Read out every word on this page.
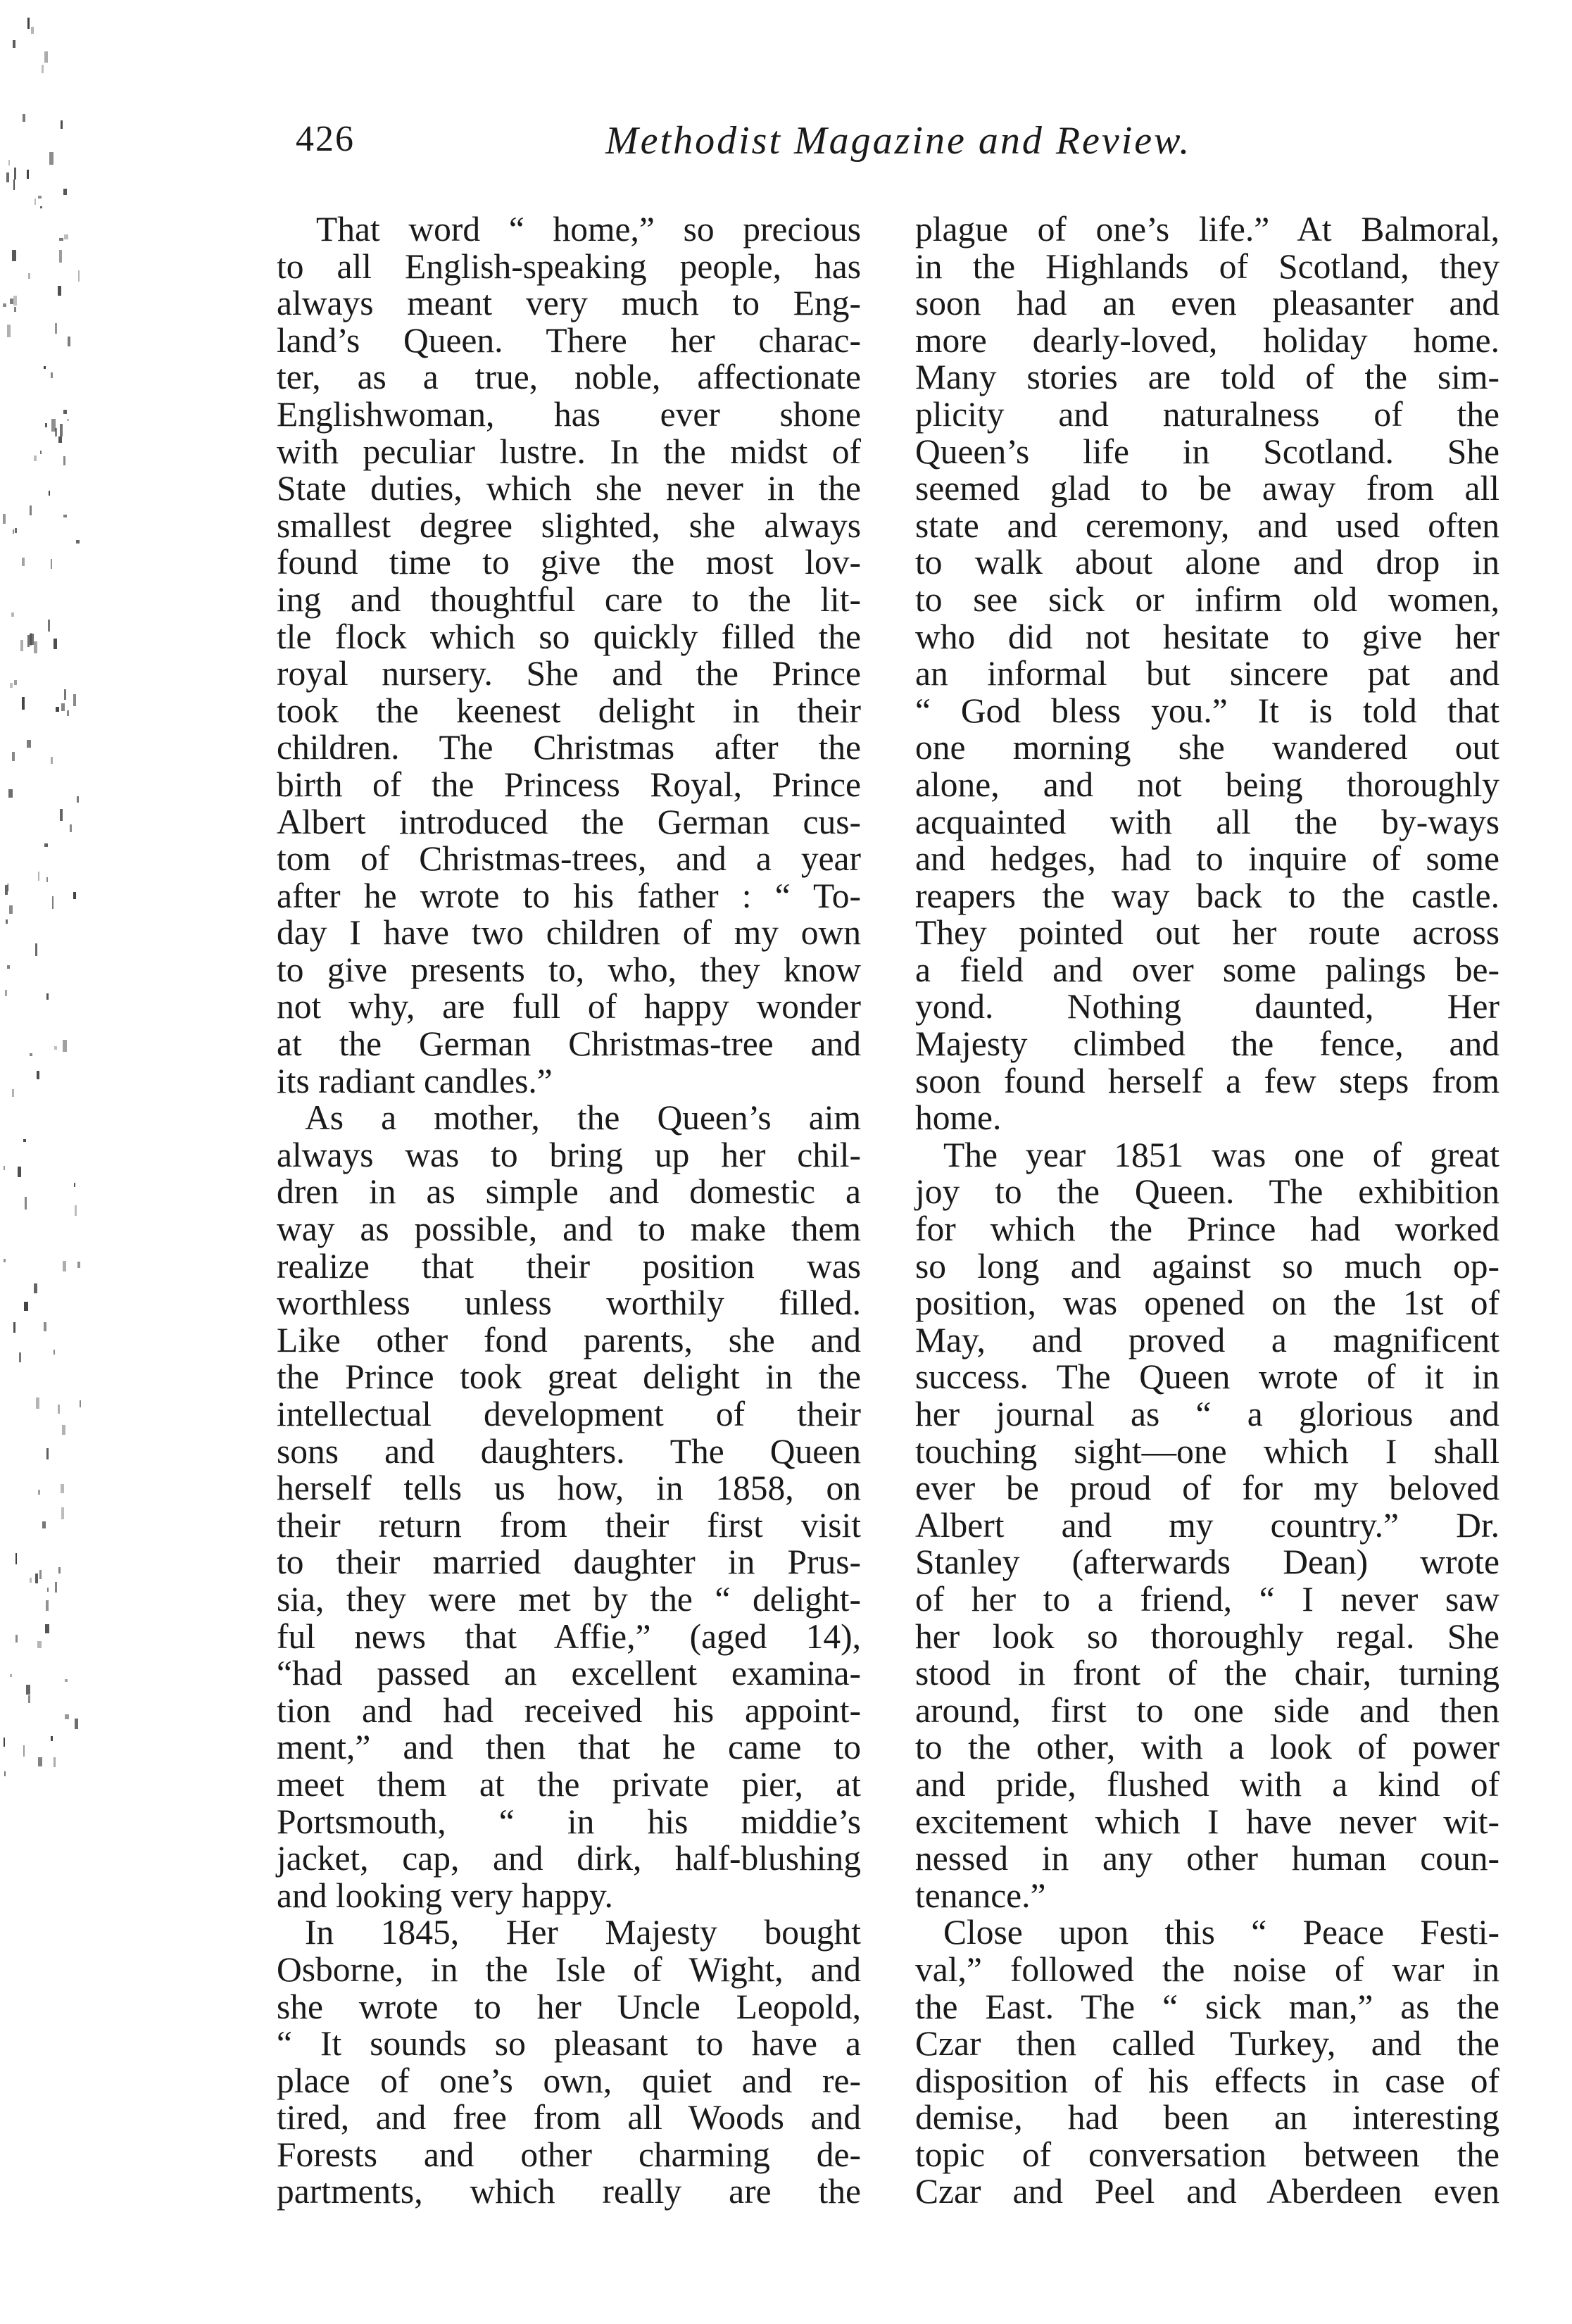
426	Methodist Magazine and Review.
That word “ home,” so precious
to all English-speaking people, has
always meant very much to Eng-
land’s Queen. There her charac-
ter, as a true, noble, affectionate
Englishwoman, has ever shone
with peculiar lustre. In the midst of
State duties, which she never in the
smallest degree slighted, she always
found time to give the most lov-
ing and thoughtful care to the lit-
tle flock which so quickly filled the
royal nursery. She and the Prince
took the keenest delight in their
children. The Christmas after the
birth of the Princess Royal, Prince
Albert introduced the German cus-
tom of Christmas-trees, and a year
after he wrote to his father : “ To-
day I have two children of my own
to give presents to, who, they know
not why, are full of happy wonder
at the German Christmas-tree and
its radiant candles.”
As a mother, the Queen’s aim
always was to bring up her chil-
dren in as simple and domestic a
way as possible, and to make them
realize that their position was
worthless unless worthily filled.
Like other fond parents, she and
the Prince took great delight in the
intellectual development of their
sons and daughters. The Queen
herself tells us how, in 1858, on
their return from their first visit
to their married daughter in Prus-
sia, they were met by the “ delight-
ful news that Affie,” (aged 14),
“had passed an excellent examina-
tion and had received his appoint-
ment,” and then that he came to
meet them at the private pier, at
Portsmouth, “ in his middie’s
jacket, cap, and dirk, half-blushing
and looking very happy.
In 1845, Her Majesty bought
Osborne, in the Isle of Wight, and
she wrote to her Uncle Leopold,
“ It sounds so pleasant to have a
place of one’s own, quiet and re-
tired, and free from all Woods and
Forests and other charming de-
partments, which really are the
plague of one’s life.” At Balmoral,
in the Highlands of Scotland, they
soon had an even pleasanter and
more dearly-loved, holiday home.
Many stories are told of the sim-
plicity and naturalness of the
Queen’s life in Scotland. She
seemed glad to be away from all
state and ceremony, and used often
to walk about alone and drop in
to see sick or infirm old women,
who did not hesitate to give her
an informal but sincere pat and
“ God bless you.” It is told that
one morning she wandered out
alone, and not being thoroughly
acquainted with all the by-ways
and hedges, had to inquire of some
reapers the way back to the castle.
They pointed out her route across
a field and over some palings be-
yond. Nothing daunted, Her
Majesty climbed the fence, and
soon found herself a few steps from
home.
The year 1851 was one of great
joy to the Queen. The exhibition
for which the Prince had worked
so long and against so much op-
position, was opened on the 1st of
May, and proved a magnificent
success. The Queen wrote of it in
her journal as “ a glorious and
touching sight—one which I shall
ever be proud of for my beloved
Albert and my country.” Dr.
Stanley (afterwards Dean) wrote
of her to a friend, “ I never saw
her look so thoroughly regal. She
stood in front of the chair, turning
around, first to one side and then
to the other, with a look of power
and pride, flushed with a kind of
excitement which I have never wit-
nessed in any other human coun-
tenance.”
Close upon this “ Peace Festi-
val,” followed the noise of war in
the East. The “ sick man,” as the
Czar then called Turkey, and the
disposition of his effects in case of
demise, had been an interesting
topic of conversation between the
Czar and Peel and Aberdeen even
